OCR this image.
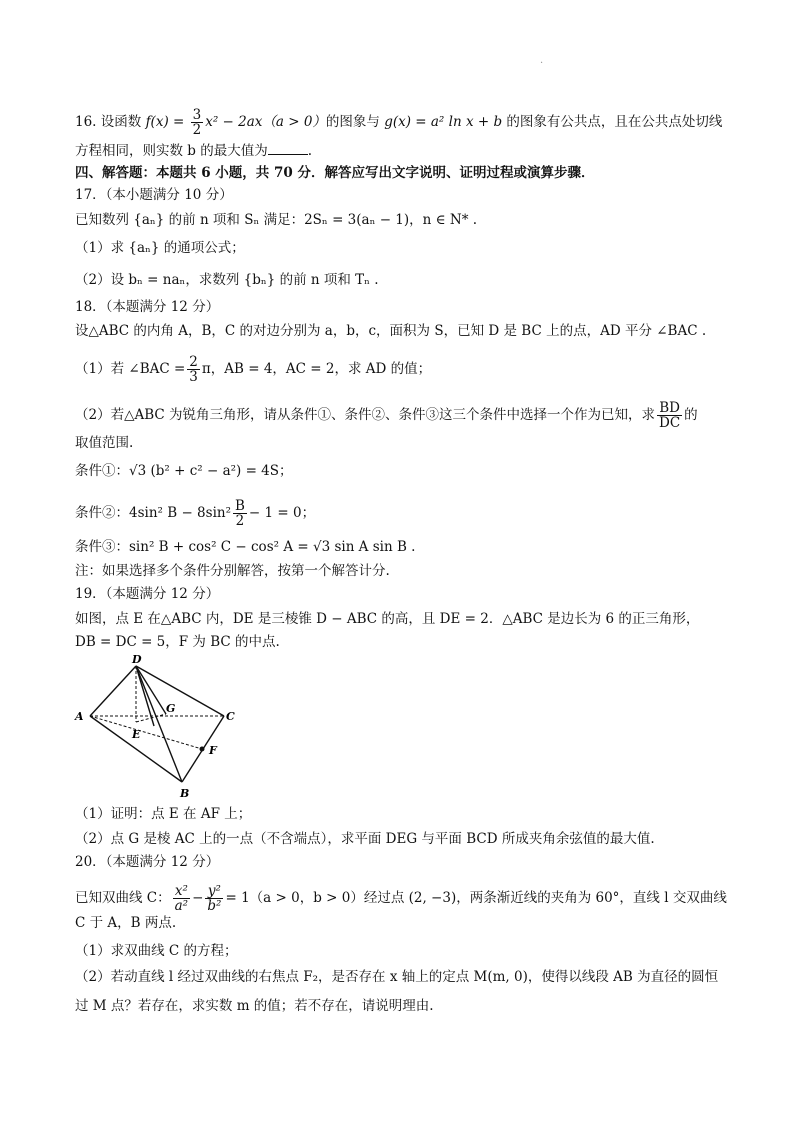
·
16. 设函数 $f(x) = \frac{3}{2} x^2 - 2ax(a > 0)$的图象与 g(x) = a² ln x + b 的图象有公共点，且在公共点处切线
方程相同，则实数 b 的最大值为	.
四、解答题：本题共 6 小题，共 70 分．解答应写出文字说明、证明过程或演算步骤．
17．（本小题满分 10 分）
已知数列 {aₙ} 的前 n 项和 Sₙ 满足：2Sₙ = 3(aₙ − 1)，n ∈ N* .
（1）求 {aₙ} 的通项公式；
（2）设 bₙ = naₙ，求数列 {bₙ} 的前 n 项和 Tₙ .
18．（本题满分 12 分）
设△ABC 的内角 A，B，C 的对边分别为 a，b，c，面积为 S，已知 D 是 BC 上的点，AD 平分 ∠BAC .
（1）若 ∠BAC = $\frac{2}{3}$ π，AB = 4，AC = 2，求 AD 的值；
（2）若△ABC 为锐角三角形，请从条件①、条件②、条件③这三个条件中选择一个作为已知，求 $\frac{BD}{DC}$ 的
取值范围.
条件①：√3 (b² + c² − a²) = 4S；
条件②：4sin² $B - 8\sin^2 \frac{B}{2} - 1 = 0$；
条件③：sin² B + cos² C − cos² A = √3 sin A sin B .
注：如果选择多个条件分别解答，按第一个解答计分.
19．（本题满分 12 分）
如图，点 E 在△ABC 内，DE 是三棱锥 D − ABC 的高，且 DE = 2．△ABC 是边长为 6 的正三角形，
DB = DC = 5，F 为 BC 的中点.
D
A
G
C
E
F
B
（1）证明：点 E 在 AF 上；
（2）点 G 是棱 AC 上的一点（不含端点），求平面 DEG 与平面 BCD 所成夹角余弦值的最大值.
20．（本题满分 12 分）
已知双曲线 C： $\frac{\text{x²}}{\text{a²}} - \frac{\text{y²}}{\text{b²}} = 1(a > 0$，b > 0）经过点 (2, −3)，两条渐近线的夹角为 60°，直线 l 交双曲线
C 于 A，B 两点.
（1）求双曲线 C 的方程；
（2）若动直线 l 经过双曲线的右焦点 F₂，是否存在 x 轴上的定点 M(m, 0)，使得以线段 AB 为直径的圆恒
过 M 点？若存在，求实数 m 的值；若不存在，请说明理由.
